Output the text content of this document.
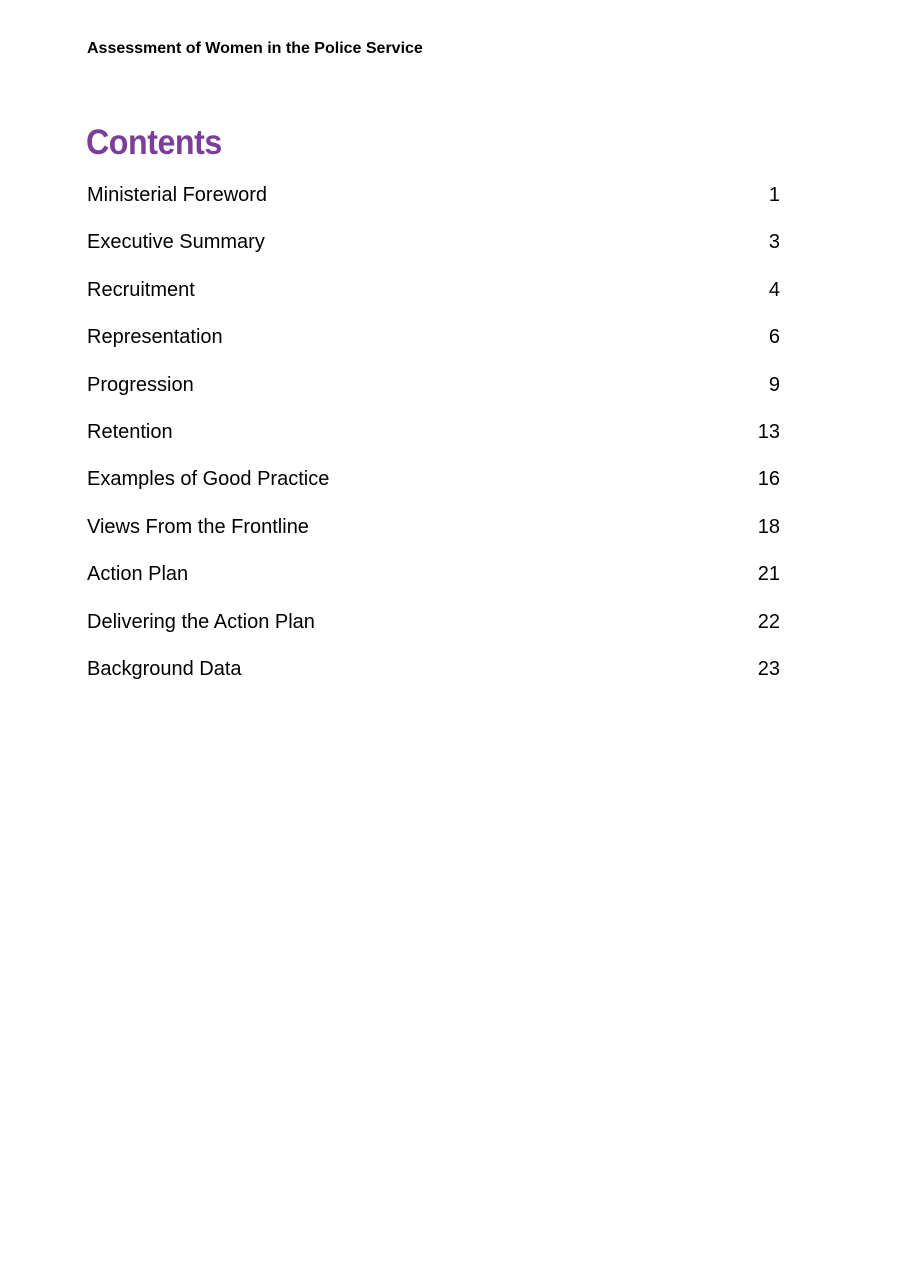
Assessment of Women in the Police Service
Contents
Ministerial Foreword	1
Executive Summary	3
Recruitment	4
Representation	6
Progression	9
Retention	13
Examples of Good Practice	16
Views From the Frontline	18
Action Plan	21
Delivering the Action Plan	22
Background Data	23
